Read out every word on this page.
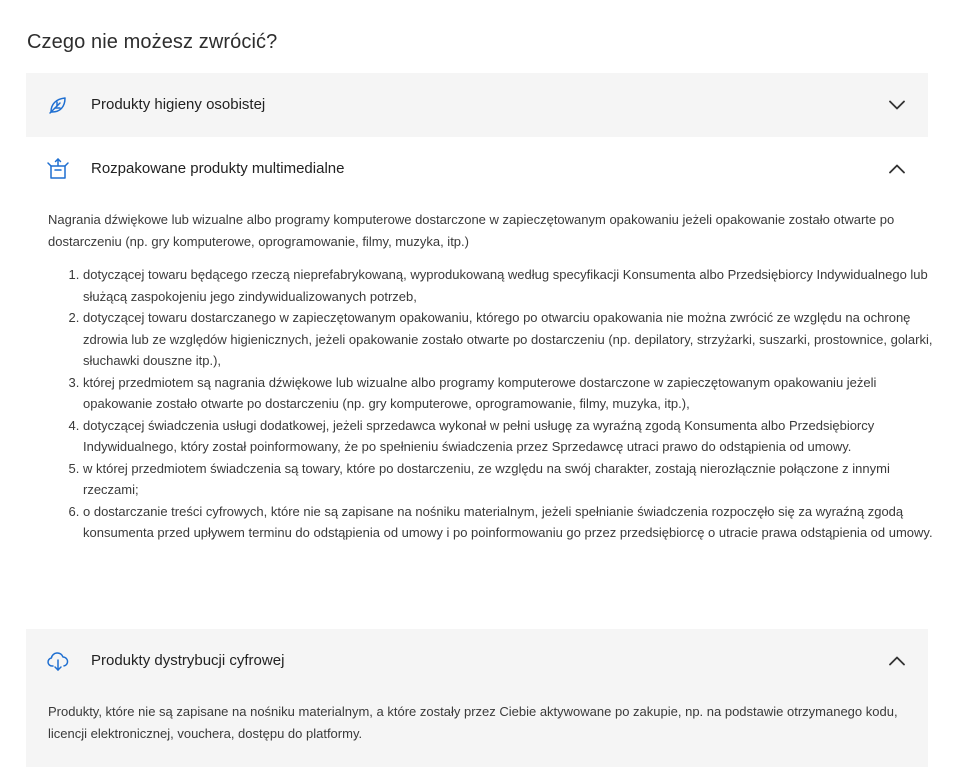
Czego nie możesz zwrócić?
Produkty higieny osobistej
Rozpakowane produkty multimedialne
Nagrania dźwiękowe lub wizualne albo programy komputerowe dostarczone w zapieczętowanym opakowaniu jeżeli opakowanie zostało otwarte po dostarczeniu (np. gry komputerowe, oprogramowanie, filmy, muzyka, itp.)
1. dotyczącej towaru będącego rzeczą nieprefabrykowaną, wyprodukowaną według specyfikacji Konsumenta albo Przedsiębiorcy Indywidualnego lub służącą zaspokojeniu jego zindywidualizowanych potrzeb,
2. dotyczącej towaru dostarczanego w zapieczętowanym opakowaniu, którego po otwarciu opakowania nie można zwrócić ze względu na ochronę zdrowia lub ze względów higienicznych, jeżeli opakowanie zostało otwarte po dostarczeniu (np. depilatory, strzyżarki, suszarki, prostownice, golarki, słuchawki douszne itp.),
3. której przedmiotem są nagrania dźwiękowe lub wizualne albo programy komputerowe dostarczone w zapieczętowanym opakowaniu jeżeli opakowanie zostało otwarte po dostarczeniu (np. gry komputerowe, oprogramowanie, filmy, muzyka, itp.),
4. dotyczącej świadczenia usługi dodatkowej, jeżeli sprzedawca wykonał w pełni usługę za wyraźną zgodą Konsumenta albo Przedsiębiorcy Indywidualnego, który został poinformowany, że po spełnieniu świadczenia przez Sprzedawcę utraci prawo do odstąpienia od umowy.
5. w której przedmiotem świadczenia są towary, które po dostarczeniu, ze względu na swój charakter, zostają nierozłącznie połączone z innymi rzeczami;
6. o dostarczanie treści cyfrowych, które nie są zapisane na nośniku materialnym, jeżeli spełnianie świadczenia rozpoczęło się za wyraźną zgodą konsumenta przed upływem terminu do odstąpienia od umowy i po poinformowaniu go przez przedsiębiorcę o utracie prawa odstąpienia od umowy.
Produkty dystrybucji cyfrowej
Produkty, które nie są zapisane na nośniku materialnym, a które zostały przez Ciebie aktywowane po zakupie, np. na podstawie otrzymanego kodu, licencji elektronicznej, vouchera, dostępu do platformy.
